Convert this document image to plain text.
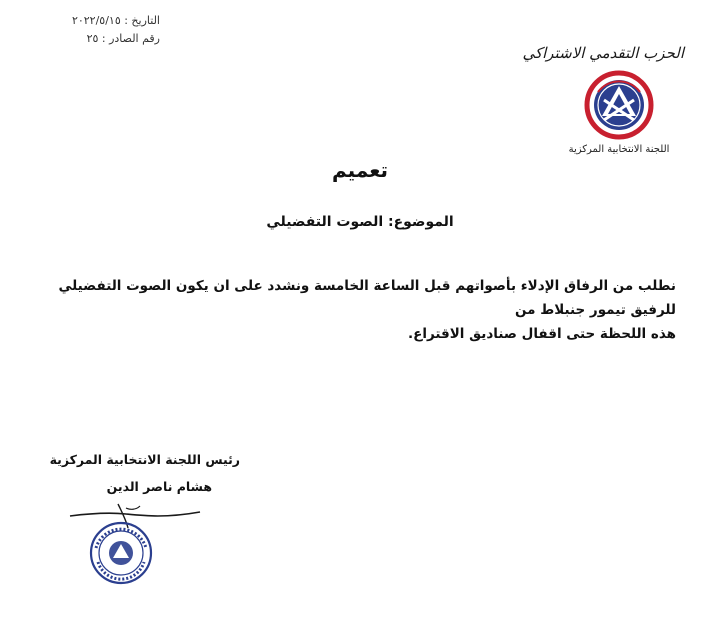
التاريخ : ٢٠٢٢/٥/١٥
رقم الصادر : ٢٥
الحزب التقدمي الاشتراكي
اللجنة الانتخابية المركزية
تعميم
الموضوع: الصوت التفضيلي
نطلب من الرفاق الإدلاء بأصواتهم قبل الساعة الخامسة ونشدد على ان يكون الصوت التفضيلي للرفيق تيمور جنبلاط من
هذه اللحظة حتى اقفال صناديق الاقتراع.
رئيس اللجنة الانتخابية المركزية
هشام ناصر الدين
